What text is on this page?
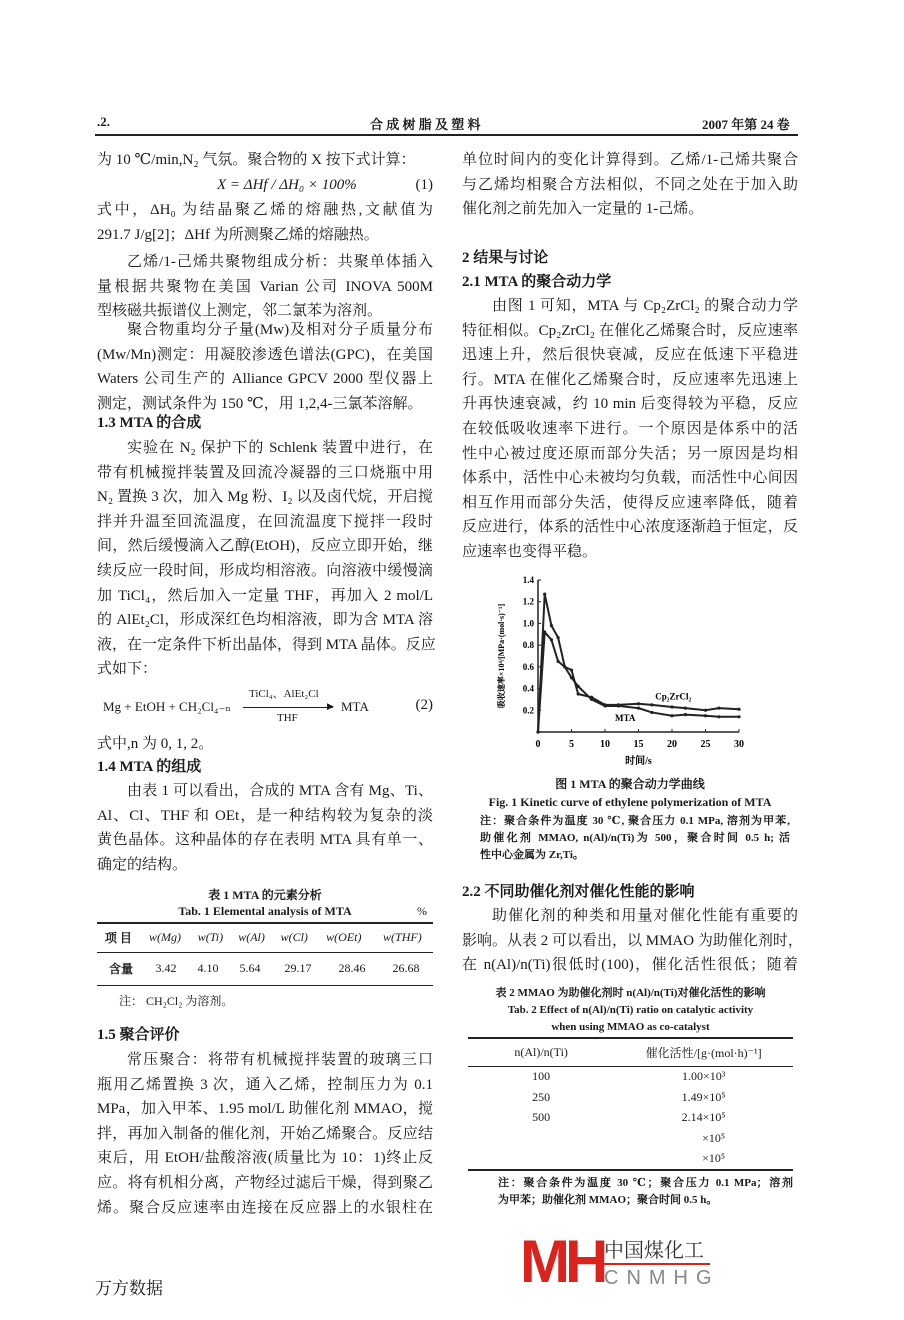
.2.	合 成 树 脂 及 塑 料	2007 年第 24 卷
为 10 ℃/min,N₂ 气氛。聚合物的 X 按下式计算：
X = ΔHf / ΔH₀ × 100%	(1)
式中，ΔH₀ 为结晶聚乙烯的熔融热,文献值为
291.7 J/g[2]；ΔHf 为所测聚乙烯的熔融热。
乙烯/1-己烯共聚物组成分析：共聚单体插入
量根据共聚物在美国 Varian 公司 INOVA 500M
型核磁共振谱仪上测定，邻二氯苯为溶剂。
聚合物重均分子量(Mw)及相对分子质量分布
(Mw/Mn)测定：用凝胶渗透色谱法(GPC)，在美国
Waters 公司生产的 Alliance GPCV 2000 型仪器上
测定，测试条件为 150 ℃，用 1,2,4-三氯苯溶解。
1.3 MTA 的合成
实验在 N₂ 保护下的 Schlenk 装置中进行，在
带有机械搅拌装置及回流冷凝器的三口烧瓶中用
N₂ 置换 3 次，加入 Mg 粉、I₂ 以及卤代烷，开启搅
拌并升温至回流温度，在回流温度下搅拌一段时
间，然后缓慢滴入乙醇(EtOH)，反应立即开始，继
续反应一段时间，形成均相溶液。向溶液中缓慢滴
加 TiCl₄，然后加入一定量 THF，再加入 2 mol/L
的 AlEt₂Cl，形成深红色均相溶液，即为含 MTA 溶
液，在一定条件下析出晶体，得到 MTA 晶体。反应
式如下：
Mg + EtOH + CH₂Cl₄₋ₙ
TiCl₄、AlEt₂Cl
▶
THF
MTA	(2)
式中,n 为 0, 1, 2。
1.4 MTA 的组成
由表 1 可以看出，合成的 MTA 含有 Mg、Ti、
Al、Cl、THF 和 OEt，是一种结构较为复杂的淡
黄色晶体。这种晶体的存在表明 MTA 具有单一、
确定的结构。
表 1 MTA 的元素分析
Tab. 1 Elemental analysis of MTA	%
项 目	w(Mg)	w(Ti)	w(Al)	w(Cl)	w(OEt)	w(THF)
含量	3.42	4.10	5.64	29.17	28.46	26.68
注： CH₂Cl₂ 为溶剂。
1.5 聚合评价
常压聚合：将带有机械搅拌装置的玻璃三口
瓶用乙烯置换 3 次，通入乙烯，控制压力为 0.1
MPa，加入甲苯、1.95 mol/L 助催化剂 MMAO，搅
拌，再加入制备的催化剂，开始乙烯聚合。反应结
束后，用 EtOH/盐酸溶液(质量比为 10：1)终止反
应。将有机相分离，产物经过滤后干燥，得到聚乙
烯。聚合反应速率由连接在反应器上的水银柱在
单位时间内的变化计算得到。乙烯/1-己烯共聚合
与乙烯均相聚合方法相似，不同之处在于加入助
催化剂之前先加入一定量的 1-己烯。
2 结果与讨论
2.1 MTA 的聚合动力学
由图 1 可知，MTA 与 Cp₂ZrCl₂ 的聚合动力学
特征相似。Cp₂ZrCl₂ 在催化乙烯聚合时，反应速率
迅速上升，然后很快衰减，反应在低速下平稳进
行。MTA 在催化乙烯聚合时，反应速率先迅速上
升再快速衰减，约 10 min 后变得较为平稳，反应
在较低吸收速率下进行。一个原因是体系中的活
性中心被过度还原而部分失活；另一原因是均相
体系中，活性中心未被均匀负载，而活性中心间因
相互作用而部分失活，使得反应速率降低，随着
反应进行，体系的活性中心浓度逐渐趋于恒定，反
应速率也变得平稳。
0	5	10 15 20 25 30
0.2
0.4
0.6
0.8
1.0
1.2
1.4
时间/s
吸收速率×10⁴/[MPa·(mol·s)⁻¹]	Cp₂ZrCl₂
MTA
图 1 MTA 的聚合动力学曲线
Fig. 1 Kinetic curve of ethylene polymerization of MTA
注：聚合条件为温度 30 ℃, 聚合压力 0.1 MPa, 溶剂为甲苯,
助催化剂 MMAO, n(Al)/n(Ti)为 500，聚合时间 0.5 h; 活
性中心金属为 Zr,Ti。
2.2 不同助催化剂对催化性能的影响
助催化剂的种类和用量对催化性能有重要的
影响。从表 2 可以看出，以 MMAO 为助催化剂时，
在 n(Al)/n(Ti)很低时(100)，催化活性很低；随着
表 2 MMAO 为助催化剂时 n(Al)/n(Ti)对催化活性的影响
Tab. 2 Effect of n(Al)/n(Ti) ratio on catalytic activity
when using MMAO as co-catalyst
n(Al)/n(Ti)	催化活性/[g·(mol·h)⁻¹]
100	1.00×10³
250	1.49×10⁵
500	2.14×10⁵
	×10⁵
	×10⁵
注：聚合条件为温度 30 ℃；聚合压力 0.1 MPa；溶剂
为甲苯；助催化剂 MMAO；聚合时间 0.5 h。
MH 中国煤化工
CNMHG
万方数据
